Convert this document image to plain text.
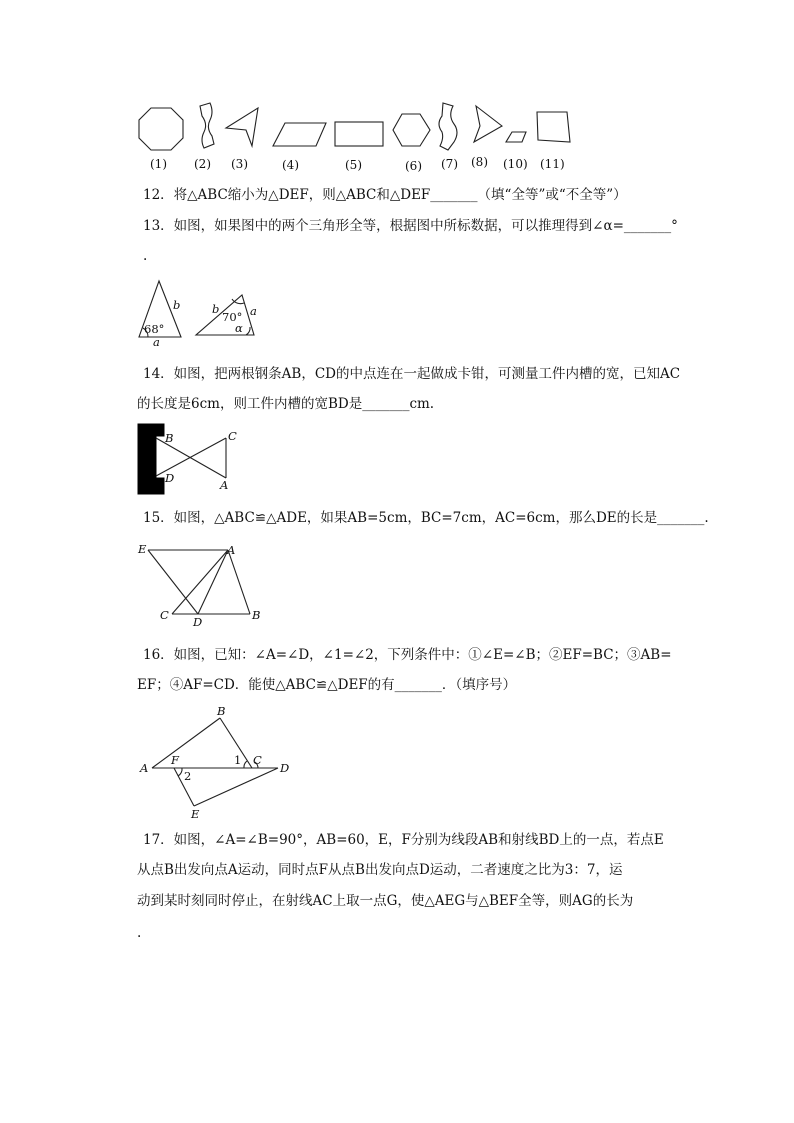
(1) (2) (3)	(4)	(5)	(6) (7) (8) (10) (11)
12．将△ABC缩小为△DEF，则△ABC和△DEF_______（填“全等”或“不全等”）
13．如图，如果图中的两个三角形全等，根据图中所标数据，可以推理得到∠α=_______°
.
68°
b
a
b
70° a
α
14．如图，把两根钢条AB，CD的中点连在一起做成卡钳，可测量工件内槽的宽，已知AC
的长度是6cm，则工件内槽的宽BD是_______cm.
B	C
D	A
15．如图，△ABC≌△ADE，如果AB=5cm，BC=7cm，AC=6cm，那么DE的长是_______.
E	A
C D	B
16．如图，已知：∠A=∠D，∠1=∠2，下列条件中：①∠E=∠B；②EF=BC；③AB=
EF；④AF=CD．能使△ABC≌△DEF的有_______．（填序号）
B
A
F	1 C
D
2
E
17．如图，∠A=∠B=90°，AB=60，E，F分别为线段AB和射线BD上的一点，若点E
从点B出发向点A运动，同时点F从点B出发向点D运动，二者速度之比为3：7，运
动到某时刻同时停止，在射线AC上取一点G，使△AEG与△BEF全等，则AG的长为
.
